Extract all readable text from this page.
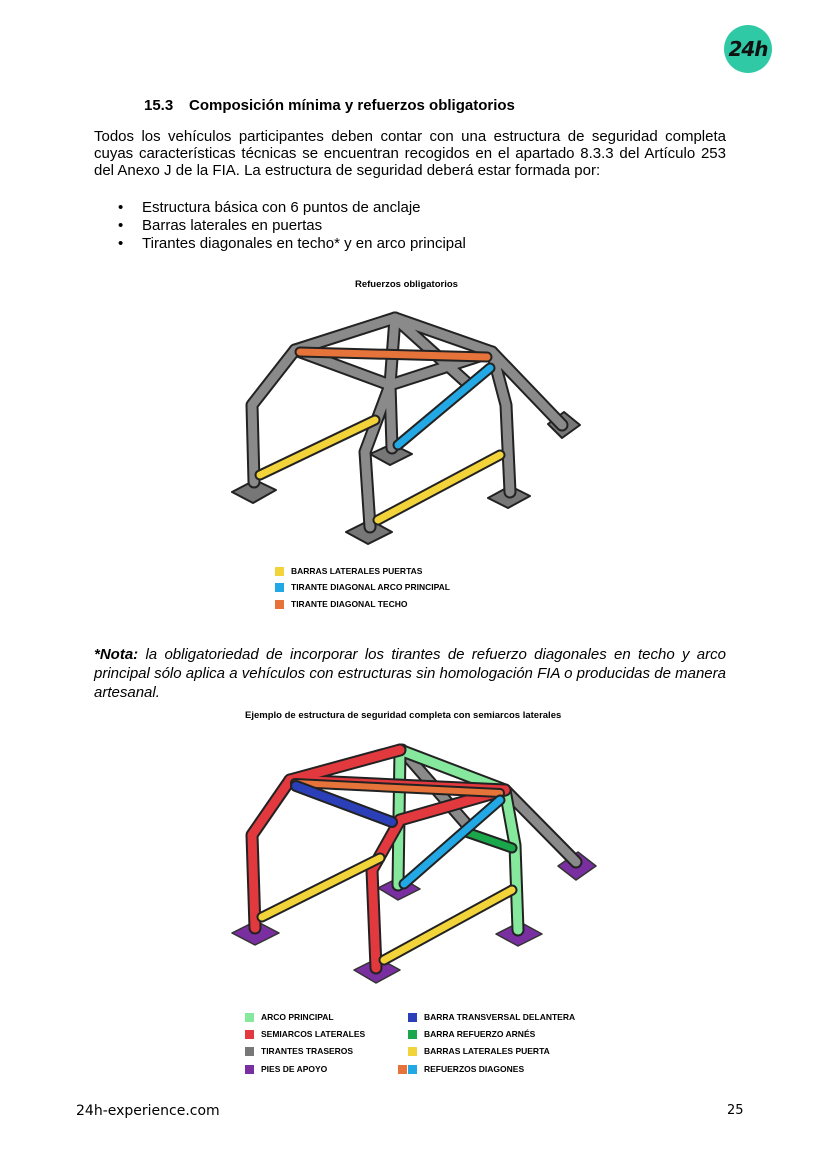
24h
15.3 Composición mínima y refuerzos obligatorios
Todos los vehículos participantes deben contar con una estructura de seguridad completa cuyas características técnicas se encuentran recogidos en el apartado 8.3.3 del Artículo 253 del Anexo J de la FIA. La estructura de seguridad deberá estar formada por:
• Estructura básica con 6 puntos de anclaje
• Barras laterales en puertas
• Tirantes diagonales en techo* y en arco principal
Refuerzos obligatorios
BARRAS LATERALES PUERTAS
TIRANTE DIAGONAL ARCO PRINCIPAL
TIRANTE DIAGONAL TECHO
*Nota: la obligatoriedad de incorporar los tirantes de refuerzo diagonales en techo y arco principal sólo aplica a vehículos con estructuras sin homologación FIA o producidas de manera artesanal.
Ejemplo de estructura de seguridad completa con semiarcos laterales
ARCO PRINCIPAL
SEMIARCOS LATERALES
TIRANTES TRASEROS
PIES DE APOYO
BARRA TRANSVERSAL DELANTERA
BARRA REFUERZO ARNÉS
BARRAS LATERALES PUERTA
REFUERZOS DIAGONES
24h-experience.com	25
